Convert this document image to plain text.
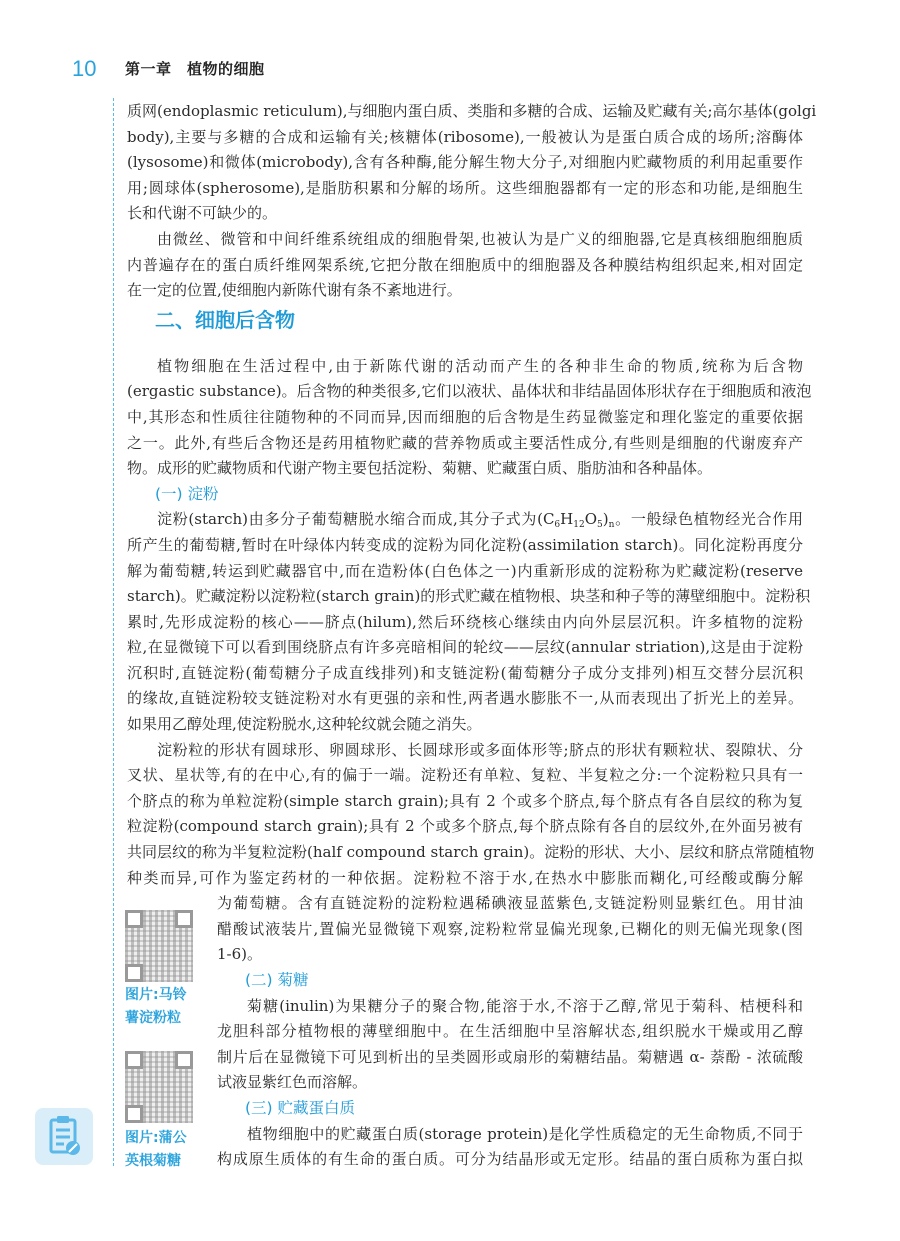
10 第一章　植物的细胞
质网(endoplasmic reticulum),与细胞内蛋白质、类脂和多糖的合成、运输及贮藏有关;高尔基体(golgi
body),主要与多糖的合成和运输有关;核糖体(ribosome),一般被认为是蛋白质合成的场所;溶酶体
(lysosome)和微体(microbody),含有各种酶,能分解生物大分子,对细胞内贮藏物质的利用起重要作
用;圆球体(spherosome),是脂肪积累和分解的场所。这些细胞器都有一定的形态和功能,是细胞生
长和代谢不可缺少的。
由微丝、微管和中间纤维系统组成的细胞骨架,也被认为是广义的细胞器,它是真核细胞细胞质
内普遍存在的蛋白质纤维网架系统,它把分散在细胞质中的细胞器及各种膜结构组织起来,相对固定
在一定的位置,使细胞内新陈代谢有条不紊地进行。
二、细胞后含物
植物细胞在生活过程中,由于新陈代谢的活动而产生的各种非生命的物质,统称为后含物
(ergastic substance)。后含物的种类很多,它们以液状、晶体状和非结晶固体形状存在于细胞质和液泡
中,其形态和性质往往随物种的不同而异,因而细胞的后含物是生药显微鉴定和理化鉴定的重要依据
之一。此外,有些后含物还是药用植物贮藏的营养物质或主要活性成分,有些则是细胞的代谢废弃产
物。成形的贮藏物质和代谢产物主要包括淀粉、菊糖、贮藏蛋白质、脂肪油和各种晶体。
(一) 淀粉
淀粉(starch)由多分子葡萄糖脱水缩合而成,其分子式为$(C_6H_{12}O_5)_n$。一般绿色植物经光合作用
所产生的葡萄糖,暂时在叶绿体内转变成的淀粉为同化淀粉(assimilation starch)。同化淀粉再度分
解为葡萄糖,转运到贮藏器官中,而在造粉体(白色体之一)内重新形成的淀粉称为贮藏淀粉(reserve
starch)。贮藏淀粉以淀粉粒(starch grain)的形式贮藏在植物根、块茎和种子等的薄壁细胞中。淀粉积
累时,先形成淀粉的核心——脐点(hilum),然后环绕核心继续由内向外层层沉积。许多植物的淀粉
粒,在显微镜下可以看到围绕脐点有许多亮暗相间的轮纹——层纹(annular striation),这是由于淀粉
沉积时,直链淀粉(葡萄糖分子成直线排列)和支链淀粉(葡萄糖分子成分支排列)相互交替分层沉积
的缘故,直链淀粉较支链淀粉对水有更强的亲和性,两者遇水膨胀不一,从而表现出了折光上的差异。
如果用乙醇处理,使淀粉脱水,这种轮纹就会随之消失。
淀粉粒的形状有圆球形、卵圆球形、长圆球形或多面体形等;脐点的形状有颗粒状、裂隙状、分
叉状、星状等,有的在中心,有的偏于一端。淀粉还有单粒、复粒、半复粒之分:一个淀粉粒只具有一
个脐点的称为单粒淀粉(simple starch grain);具有 2 个或多个脐点,每个脐点有各自层纹的称为复
粒淀粉(compound starch grain);具有 2 个或多个脐点,每个脐点除有各自的层纹外,在外面另被有
共同层纹的称为半复粒淀粉(half compound starch grain)。淀粉的形状、大小、层纹和脐点常随植物
种类而异,可作为鉴定药材的一种依据。淀粉粒不溶于水,在热水中膨胀而糊化,可经酸或酶分解
为葡萄糖。含有直链淀粉的淀粉粒遇稀碘液显蓝紫色,支链淀粉则显紫红色。用甘油
醋酸试液装片,置偏光显微镜下观察,淀粉粒常显偏光现象,已糊化的则无偏光现象(图
1-6)。
(二) 菊糖
菊糖(inulin)为果糖分子的聚合物,能溶于水,不溶于乙醇,常见于菊科、桔梗科和
龙胆科部分植物根的薄壁细胞中。在生活细胞中呈溶解状态,组织脱水干燥或用乙醇
制片后在显微镜下可见到析出的呈类圆形或扇形的菊糖结晶。菊糖遇 α- 萘酚 - 浓硫酸
试液显紫红色而溶解。
(三) 贮藏蛋白质
植物细胞中的贮藏蛋白质(storage protein)是化学性质稳定的无生命物质,不同于
构成原生质体的有生命的蛋白质。可分为结晶形或无定形。结晶的蛋白质称为蛋白拟
图片:马铃
薯淀粉粒
图片:蒲公
英根菊糖
